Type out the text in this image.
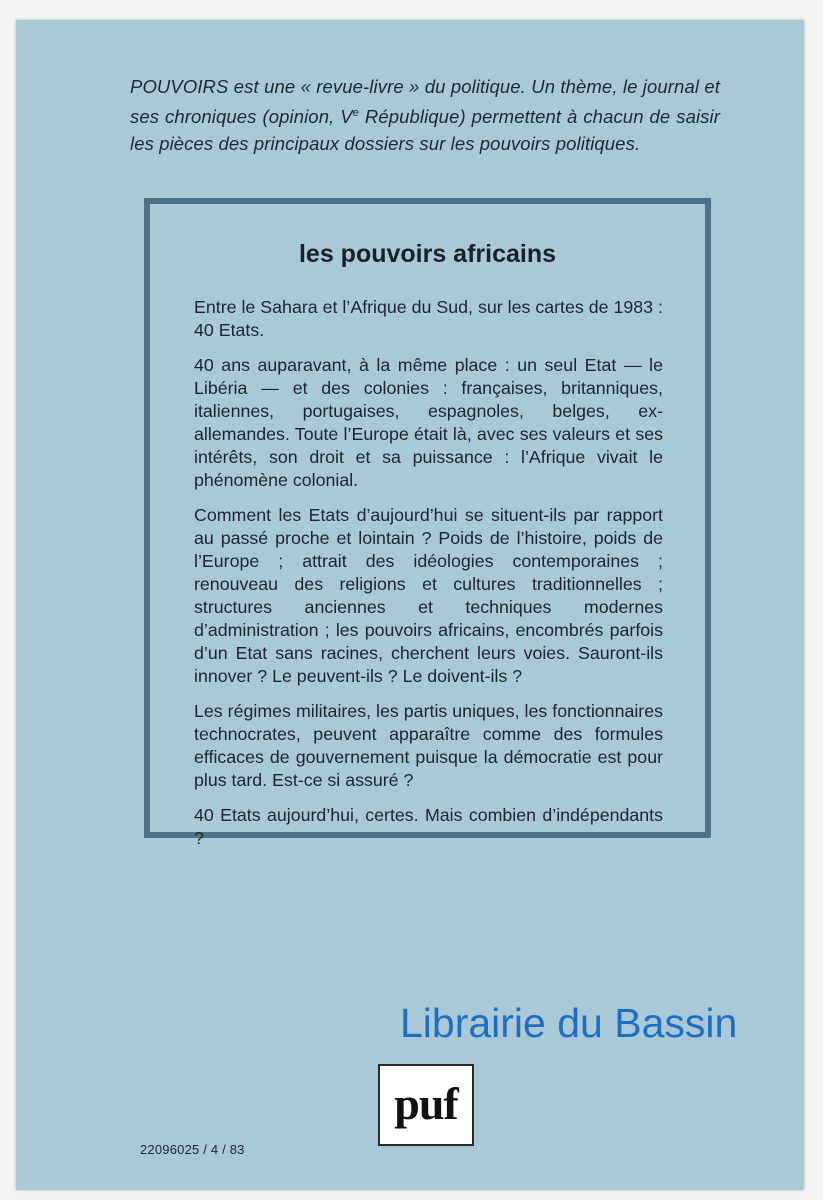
POUVOIRS est une « revue-livre » du politique. Un thème, le journal et ses chroniques (opinion, Ve République) permettent à chacun de saisir les pièces des principaux dossiers sur les pouvoirs politiques.
les pouvoirs africains

Entre le Sahara et l’Afrique du Sud, sur les cartes de 1983 : 40 Etats.

40 ans auparavant, à la même place : un seul Etat — le Libéria — et des colonies : françaises, britanniques, italiennes, portugaises, espagnoles, belges, ex-allemandes. Toute l’Europe était là, avec ses valeurs et ses intérêts, son droit et sa puissance : l’Afrique vivait le phénomène colonial.

Comment les Etats d’aujourd’hui se situent-ils par rapport au passé proche et lointain ? Poids de l’histoire, poids de l’Europe ; attrait des idéologies contemporaines ; renouveau des religions et cultures traditionnelles ; structures anciennes et techniques modernes d’administration ; les pouvoirs africains, encombrés parfois d’un Etat sans racines, cherchent leurs voies. Sauront-ils innover ? Le peuvent-ils ? Le doivent-ils ?

Les régimes militaires, les partis uniques, les fonctionnaires technocrates, peuvent apparaître comme des formules efficaces de gouvernement puisque la démocratie est pour plus tard. Est-ce si assuré ?

40 Etats aujourd’hui, certes. Mais combien d’indépendants ?

Librairie du Bassin
puf
22096025 / 4 / 83
